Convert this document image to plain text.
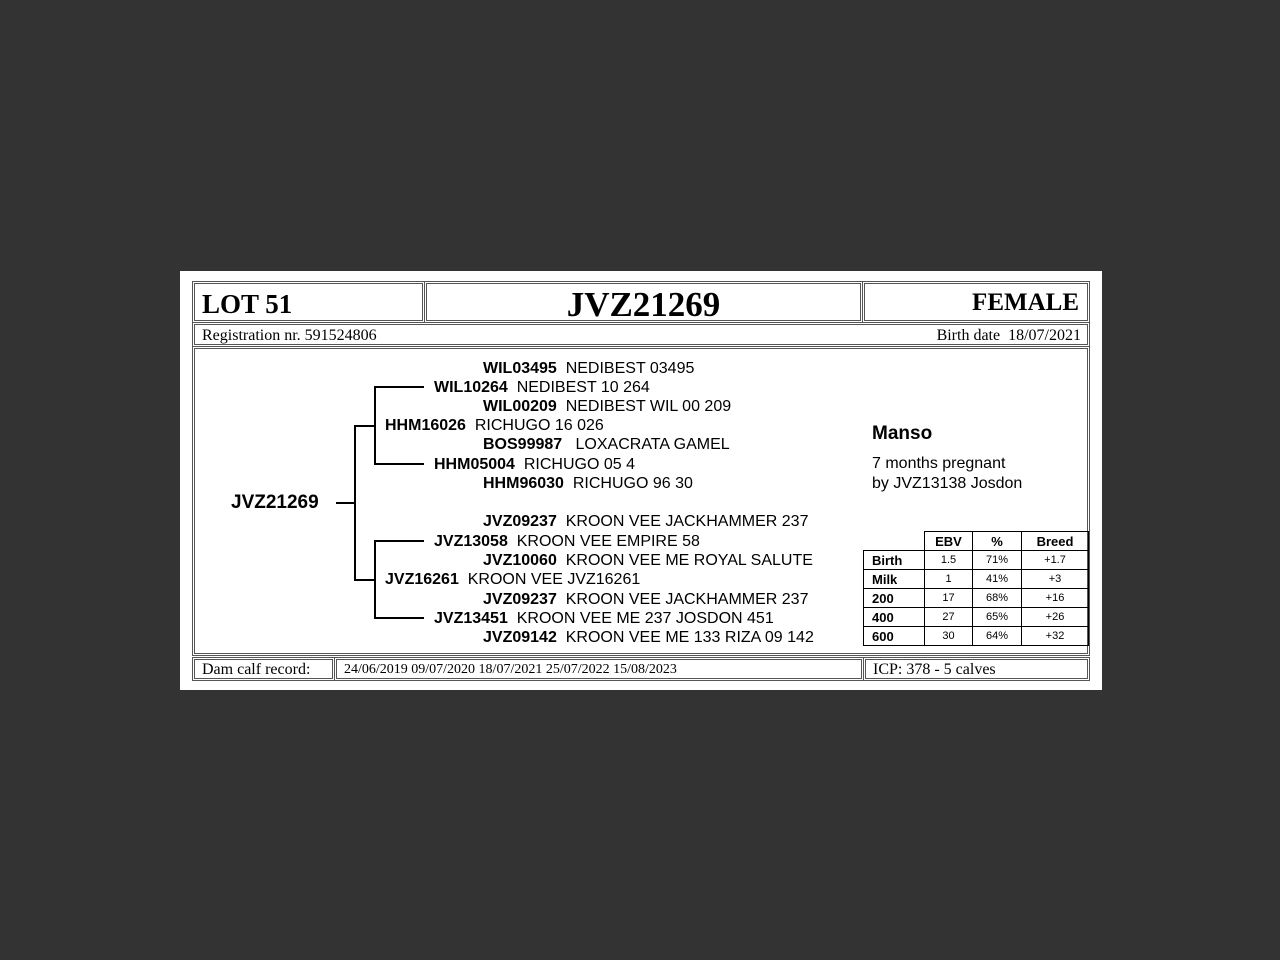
LOT 51	JVZ21269	FEMALE
Registration nr. 591524806	Birth date 18/07/2021
JVZ21269
WIL03495 NEDIBEST 03495
WIL10264 NEDIBEST 10 264
WIL00209 NEDIBEST WIL 00 209
HHM16026 RICHUGO 16 026
BOS99987 LOXACRATA GAMEL
HHM05004 RICHUGO 05 4
HHM96030 RICHUGO 96 30
JVZ09237 KROON VEE JACKHAMMER 237
JVZ13058 KROON VEE EMPIRE 58
JVZ10060 KROON VEE ME ROYAL SALUTE
JVZ16261 KROON VEE JVZ16261
JVZ09237 KROON VEE JACKHAMMER 237
JVZ13451 KROON VEE ME 237 JOSDON 451
JVZ09142 KROON VEE ME 133 RIZA 09 142
Manso
7 months pregnant
by JVZ13138 Josdon
	EBV	%	Breed
Birth	1.5	71%	+1.7
Milk	1	41%	+3
200	17	68%	+16
400	27	65%	+26
600	30	64%	+32
Dam calf record: 24/06/2019 09/07/2020 18/07/2021 25/07/2022 15/08/2023	ICP: 378 - 5 calves
